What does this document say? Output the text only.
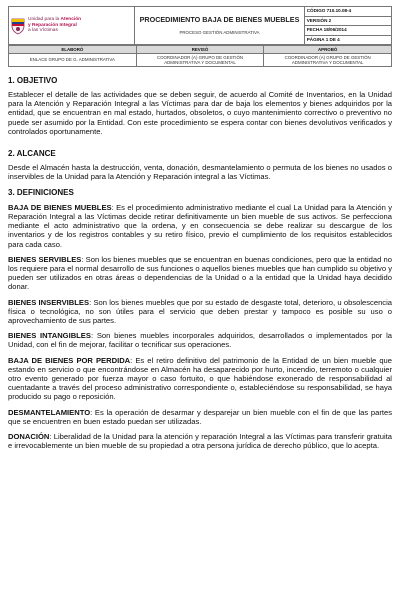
Unidad para la Atención
y Reparación Integral
a las Víctimas

PROCEDIMIENTO BAJA DE BIENES MUEBLES
PROCESO GESTIÓN ADMINISTRATIVA

CÓDIGO 710.10.08-4
VERSIÓN 2
FECHA 18/06/2014
PÁGINA 1 DE 4
ELABORÓ	REVISÓ	APROBÓ
ENLACE GRUPO DE G. ADMINISTRATIVA	COORDINADOR (A) GRUPO DE GESTIÓN ADMINISTRATIVA Y DOCUMENTAL	COORDINADOR (A) GRUPO DE GESTIÓN ADMINISTRATIVA Y DOCUMENTAL

1. OBJETIVO

Establecer el detalle de las actividades que se deben seguir, de acuerdo al Comité de Inventarios, en la Unidad para la Atención y Reparación Integral a las Víctimas para dar de baja los elementos y bienes adquiridos por la entidad, que se encuentran en mal estado, hurtados, obsoletos, o cuyo mantenimiento correctivo o preventivo no puede ser asumido por la Entidad. Con este procedimiento se espera contar con bienes devolutivos verificados y controlados oportunamente.

2. ALCANCE

Desde el Almacén hasta la destrucción, venta, donación, desmantelamiento o permuta de los bienes no usados o inservibles de la Unidad para la Atención y Reparación integral a las Víctimas.

3. DEFINICIONES

BAJA DE BIENES MUEBLES: Es el procedimiento administrativo mediante el cual La Unidad para la Atención y Reparación Integral a las Víctimas decide retirar definitivamente un bien mueble de sus activos. Se perfecciona mediante el acto administrativo que la ordena, y en consecuencia se debe realizar su descargue de los inventarios y de los registros contables y su retiro físico, previo el cumplimiento de los requisitos establecidos para cada caso.

BIENES SERVIBLES: Son los bienes muebles que se encuentran en buenas condiciones, pero que la entidad no los requiere para el normal desarrollo de sus funciones o aquellos bienes muebles que han cumplido su objetivo y pueden ser utilizados en otras áreas o dependencias de la Unidad o a la entidad que la Unidad haya decidido donar.

BIENES INSERVIBLES: Son los bienes muebles que por su estado de desgaste total, deterioro, u obsolescencia física o tecnológica, no son útiles para el servicio que deben prestar y tampoco es posible su uso o aprovechamiento de sus partes.

BIENES INTANGIBLES: Son bienes muebles incorporales adquiridos, desarrollados o implementados por la Unidad, con el fin de mejorar, facilitar o tecnificar sus operaciones.

BAJA DE BIENES POR PERDIDA: Es el retiro definitivo del patrimonio de la Entidad de un bien mueble que estando en servicio o que encontrándose en Almacén ha desaparecido por hurto, incendio, terremoto o cualquier otro evento generado por fuerza mayor o caso fortuito, o que habiéndose exonerado de responsabilidad al cuentadante a través del proceso administrativo correspondiente o, estableciéndose su responsabilidad, se haya producido su pago o reposición.

DESMANTELAMIENTO: Es la operación de desarmar y desparejar un bien mueble con el fin de que las partes que se encuentren en buen estado puedan ser utilizadas.

DONACIÓN: Liberalidad de la Unidad para la atención y reparación Integral a las Víctimas para transferir gratuita e irrevocablemente un bien mueble de su propiedad a otra persona jurídica de derecho público, que lo acepta.
